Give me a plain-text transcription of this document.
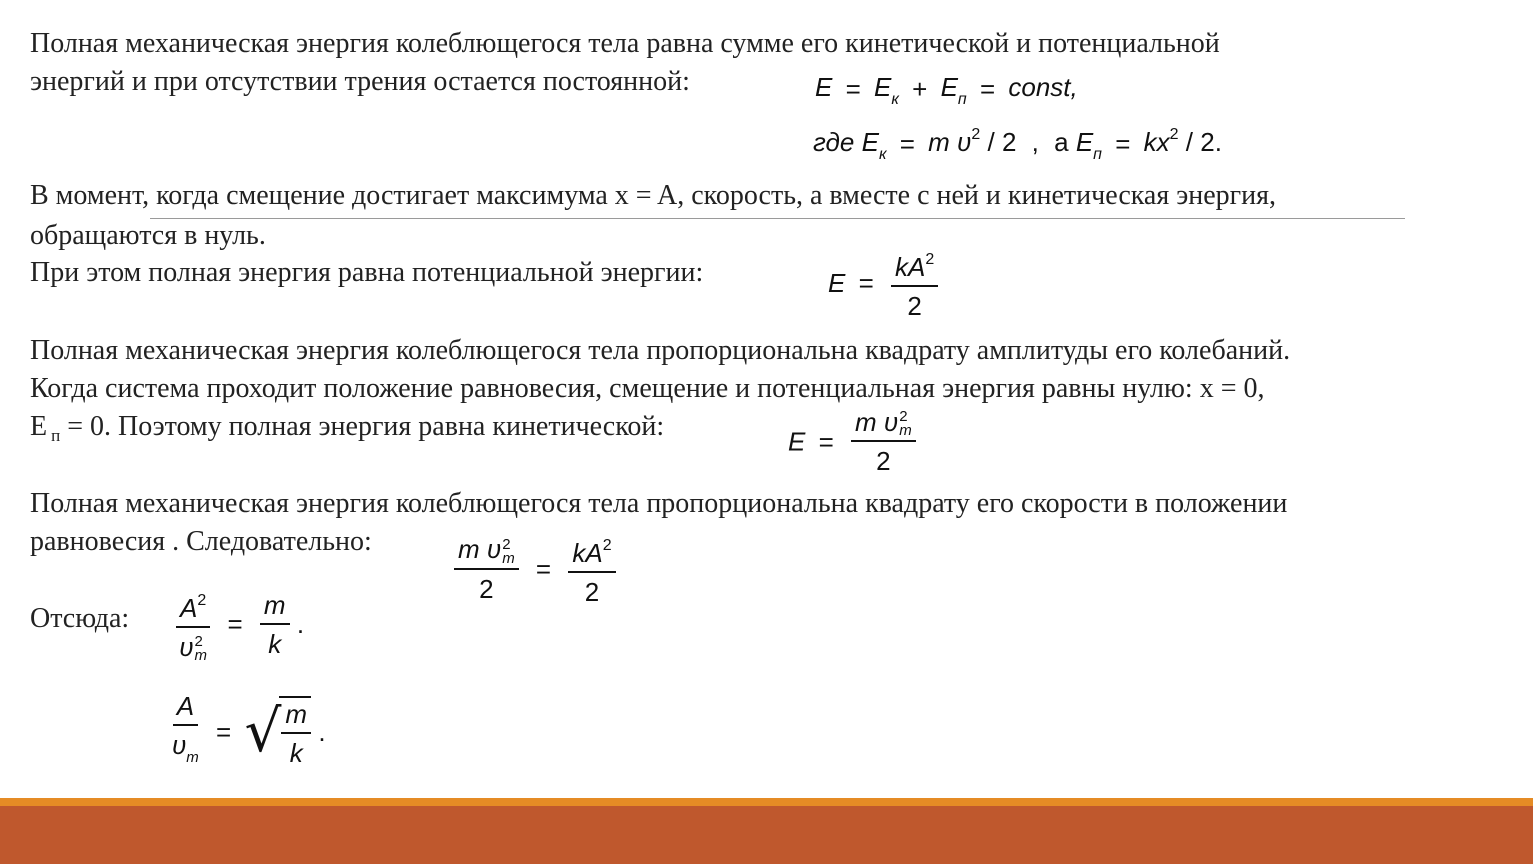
Полная механическая энергия колеблющегося тела равна сумме его кинетической и потенциальной

энергий и при отсутствии трения остается постоянной:	$E = E_к + E_п$ = const,
где $E_к = m$ $\upsilon^2 / 2$ , а $E_п = kx^2 / 2$.

В момент, когда смещение достигает максимума x = A, скорость, а вместе с ней и кинетическая энергия,

обращаются в нуль.

При этом полная энергия равна потенциальной энергии:	$E = \frac{kA^2}{2}$

Полная механическая энергия колеблющегося тела пропорциональна квадрату амплитуды его колебаний.

Когда система проходит положение равновесия, смещение и потенциальная энергия равны нулю: x = 0,

E $_п$ = 0. Поэтому полная энергия равна кинетической:	E = m υ 2
m
2

Полная механическая энергия колеблющегося тела пропорциональна квадрату его скорости в положении

равновесия . Следовательно:	m υ 2
m
$2 = \frac{kA^2}{2}$

Отсюда: $A^2$
υ 2
$m = \frac{m}{k}$ .
$\frac{A}{\upsilon_m}$ = √ $\frac{m}{k}$ .
